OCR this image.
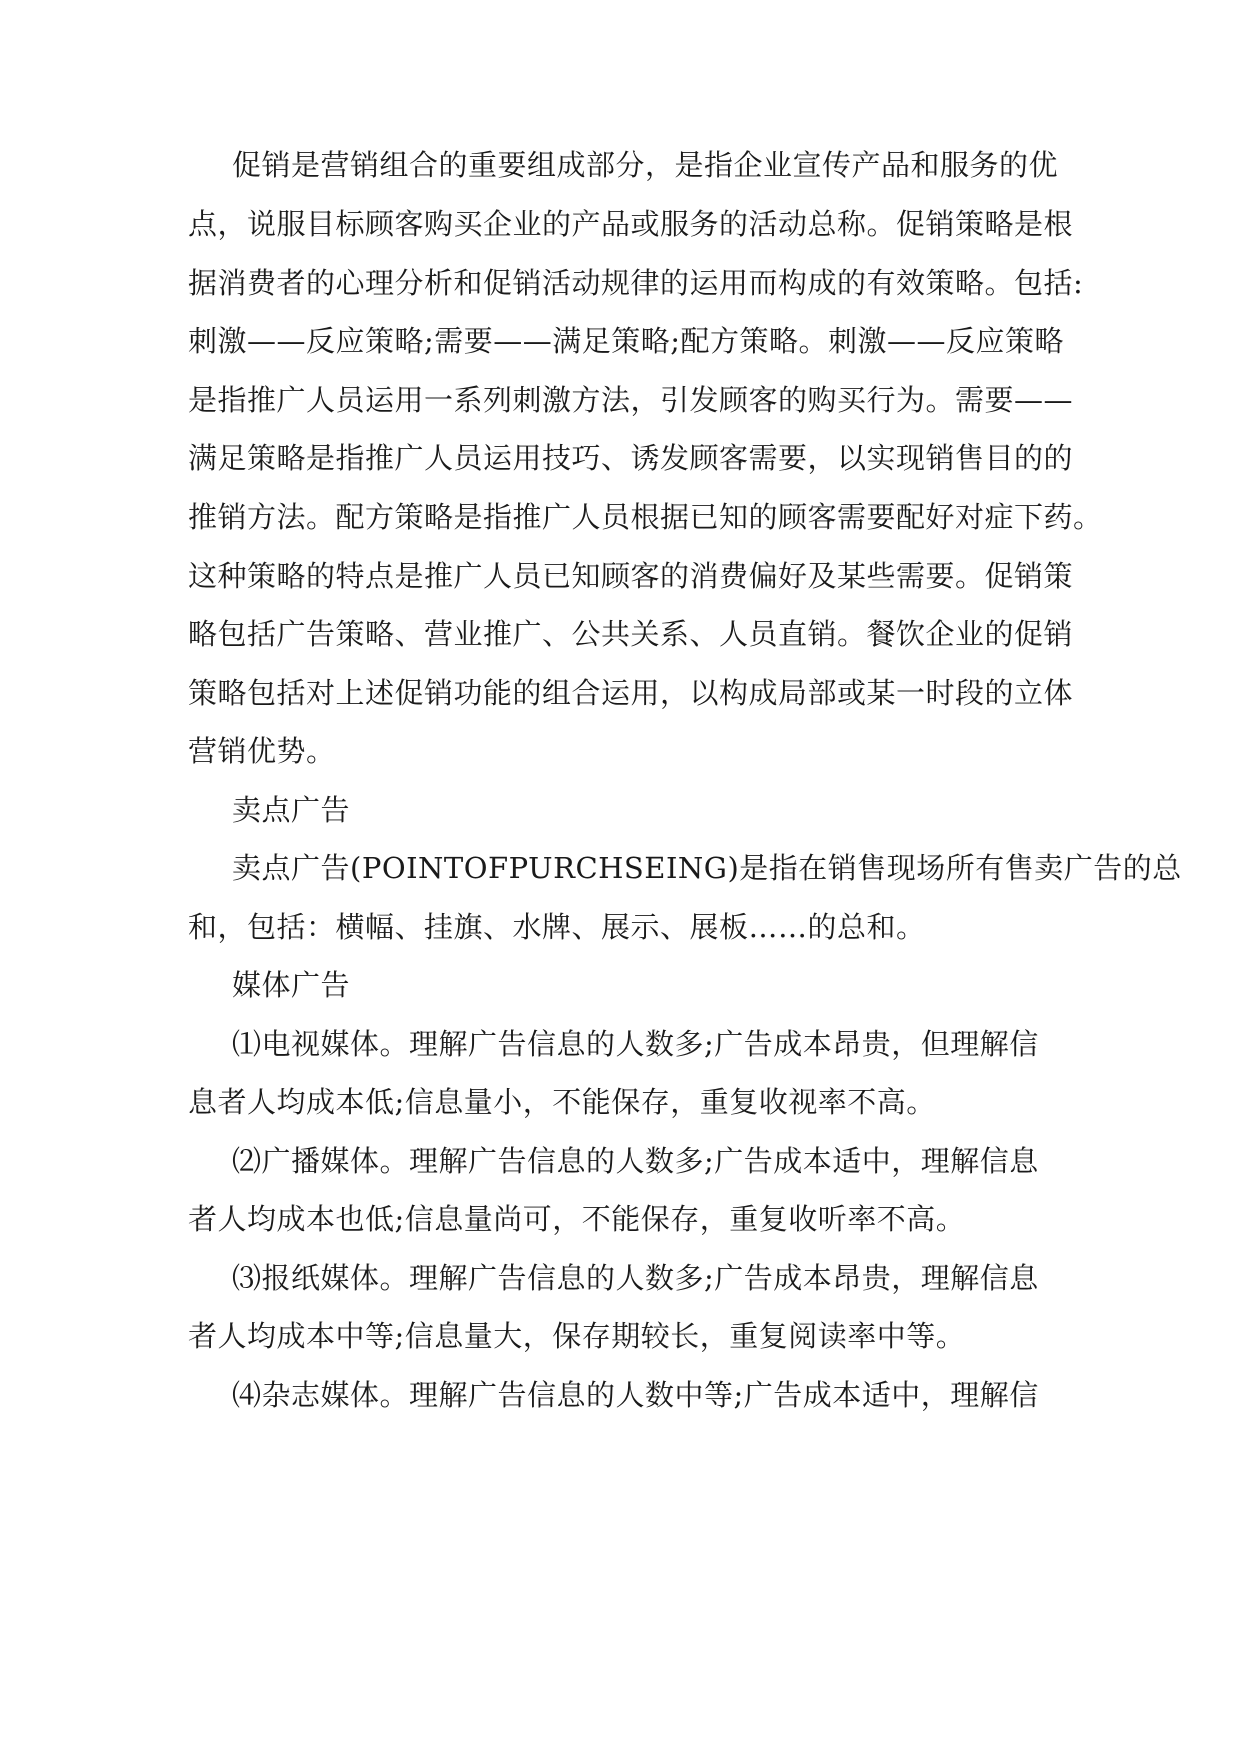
促销是营销组合的重要组成部分，是指企业宣传产品和服务的优
点，说服目标顾客购买企业的产品或服务的活动总称。促销策略是根
据消费者的心理分析和促销活动规律的运用而构成的有效策略。包括:
刺激——反应策略;需要——满足策略;配方策略。刺激——反应策略
是指推广人员运用一系列刺激方法，引发顾客的购买行为。需要——
满足策略是指推广人员运用技巧、诱发顾客需要，以实现销售目的的
推销方法。配方策略是指推广人员根据已知的顾客需要配好对症下药。
这种策略的特点是推广人员已知顾客的消费偏好及某些需要。促销策
略包括广告策略、营业推广、公共关系、人员直销。餐饮企业的促销
策略包括对上述促销功能的组合运用，以构成局部或某一时段的立体
营销优势。
卖点广告
卖点广告(POINTOFPURCHSEING)是指在销售现场所有售卖广告的总
和，包括：横幅、挂旗、水牌、展示、展板……的总和。
媒体广告
⑴电视媒体。理解广告信息的人数多;广告成本昂贵，但理解信
息者人均成本低;信息量小，不能保存，重复收视率不高。
⑵广播媒体。理解广告信息的人数多;广告成本适中，理解信息
者人均成本也低;信息量尚可，不能保存，重复收听率不高。
⑶报纸媒体。理解广告信息的人数多;广告成本昂贵，理解信息
者人均成本中等;信息量大，保存期较长，重复阅读率中等。
⑷杂志媒体。理解广告信息的人数中等;广告成本适中，理解信
